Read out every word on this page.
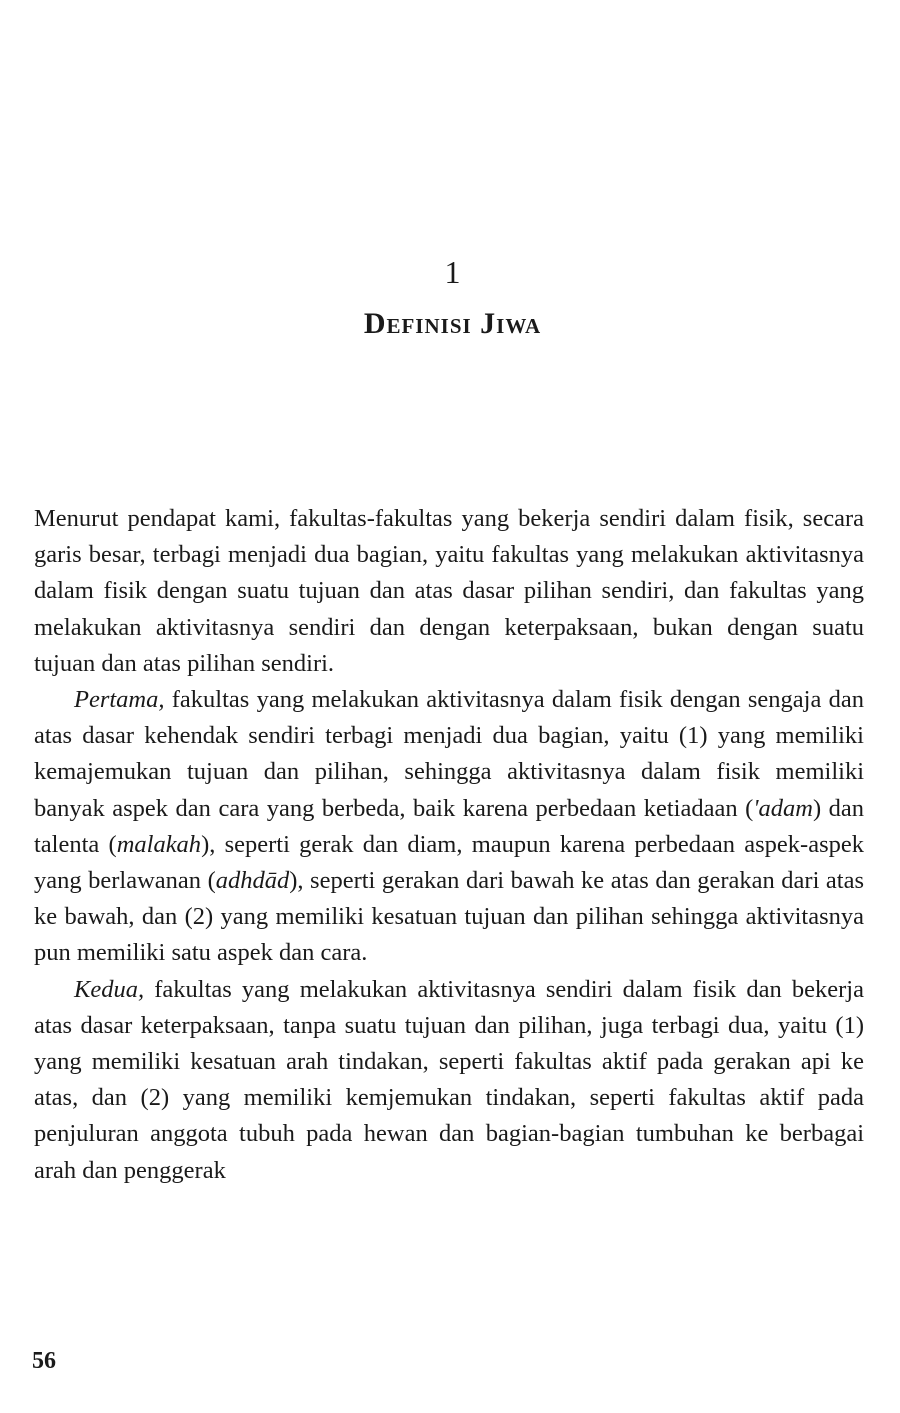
1
Definisi Jiwa

Menurut pendapat kami, fakultas-fakultas yang bekerja sendiri dalam fisik, secara garis besar, terbagi menjadi dua bagian, yaitu fakultas yang melakukan aktivitasnya dalam fisik dengan suatu tujuan dan atas dasar pilihan sendiri, dan fakultas yang melakukan aktivitasnya sendiri dan dengan keterpaksaan, bukan dengan suatu tujuan dan atas pilihan sendiri.

Pertama, fakultas yang melakukan aktivitasnya dalam fisik dengan sengaja dan atas dasar kehendak sendiri terbagi menjadi dua bagian, yaitu (1) yang memiliki kemajemukan tujuan dan pilihan, sehingga aktivitasnya dalam fisik memiliki banyak aspek dan cara yang berbeda, baik karena perbedaan ketiadaan ('adam) dan talenta (malakah), seperti gerak dan diam, maupun karena perbedaan aspek-aspek yang berlawanan (adhdād), seperti gerakan dari bawah ke atas dan gerakan dari atas ke bawah, dan (2) yang memiliki kesatuan tujuan dan pilihan sehingga aktivitasnya pun memiliki satu aspek dan cara.

Kedua, fakultas yang melakukan aktivitasnya sendiri dalam fisik dan bekerja atas dasar keterpaksaan, tanpa suatu tujuan dan pilihan, juga terbagi dua, yaitu (1) yang memiliki kesatuan arah tindakan, seperti fakultas aktif pada gerakan api ke atas, dan (2) yang memiliki kemjemukan tindakan, seperti fakultas aktif pada penjuluran anggota tubuh pada hewan dan bagian-bagian tumbuhan ke berbagai arah dan penggerak

56
